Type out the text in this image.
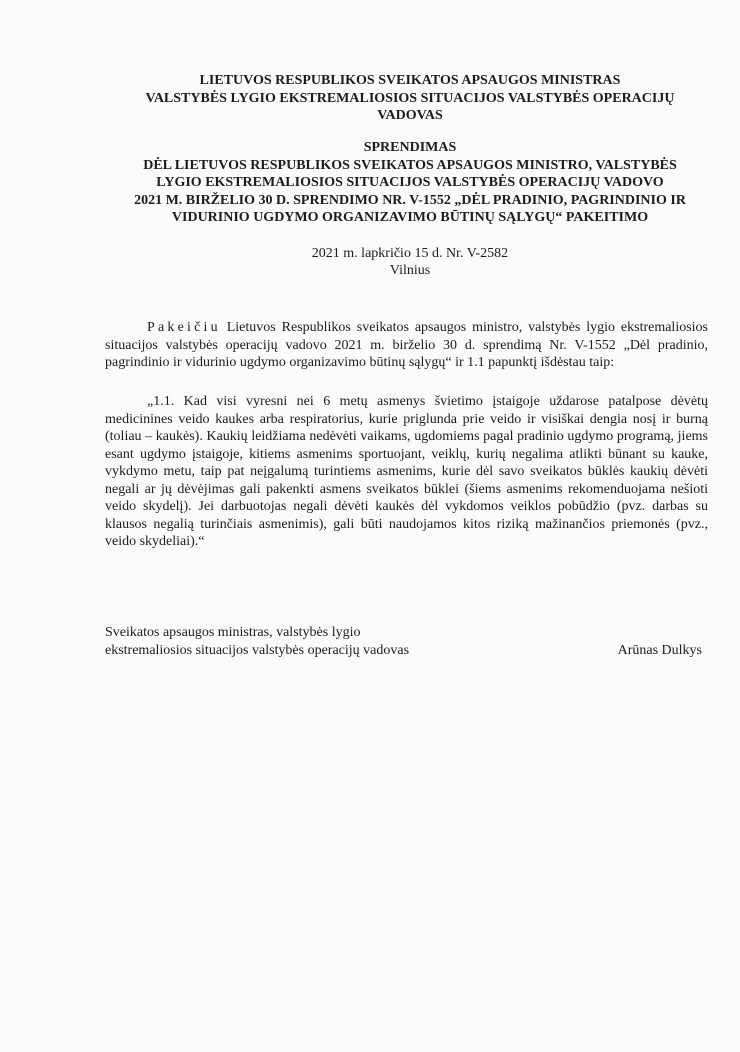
LIETUVOS RESPUBLIKOS SVEIKATOS APSAUGOS MINISTRAS
VALSTYBĖS LYGIO EKSTREMALIOSIOS SITUACIJOS VALSTYBĖS OPERACIJŲ
VADOVAS
SPRENDIMAS
DĖL LIETUVOS RESPUBLIKOS SVEIKATOS APSAUGOS MINISTRO, VALSTYBĖS
LYGIO EKSTREMALIOSIOS SITUACIJOS VALSTYBĖS OPERACIJŲ VADOVO
2021 M. BIRŽELIO 30 D. SPRENDIMO NR. V-1552 „DĖL PRADINIO, PAGRINDINIO IR
VIDURINIO UGDYMO ORGANIZAVIMO BŪTINŲ SĄLYGŲ“ PAKEITIMO
2021 m. lapkričio 15 d. Nr. V-2582
Vilnius
Pakeičiu Lietuvos Respublikos sveikatos apsaugos ministro, valstybės lygio ekstremaliosios situacijos valstybės operacijų vadovo 2021 m. birželio 30 d. sprendimą Nr. V-1552 „Dėl pradinio, pagrindinio ir vidurinio ugdymo organizavimo būtinų sąlygų“ ir 1.1 papunktį išdėstau taip:
„1.1. Kad visi vyresni nei 6 metų asmenys švietimo įstaigoje uždarose patalpose dėvėtų medicinines veido kaukes arba respiratorius, kurie priglunda prie veido ir visiškai dengia nosį ir burną (toliau – kaukės). Kaukių leidžiama nedėvėti vaikams, ugdomiems pagal pradinio ugdymo programą, jiems esant ugdymo įstaigoje, kitiems asmenims sportuojant, veiklų, kurių negalima atlikti būnant su kauke, vykdymo metu, taip pat neįgalumą turintiems asmenims, kurie dėl savo sveikatos būklės kaukių dėvėti negali ar jų dėvėjimas gali pakenkti asmens sveikatos būklei (šiems asmenims rekomenduojama nešioti veido skydelį). Jei darbuotojas negali dėvėti kaukės dėl vykdomos veiklos pobūdžio (pvz. darbas su klausos negalią turinčiais asmenimis), gali būti naudojamos kitos riziką mažinančios priemonės (pvz., veido skydeliai).“
Sveikatos apsaugos ministras, valstybės lygio
ekstremaliosios situacijos valstybės operacijų vadovas	Arūnas Dulkys
